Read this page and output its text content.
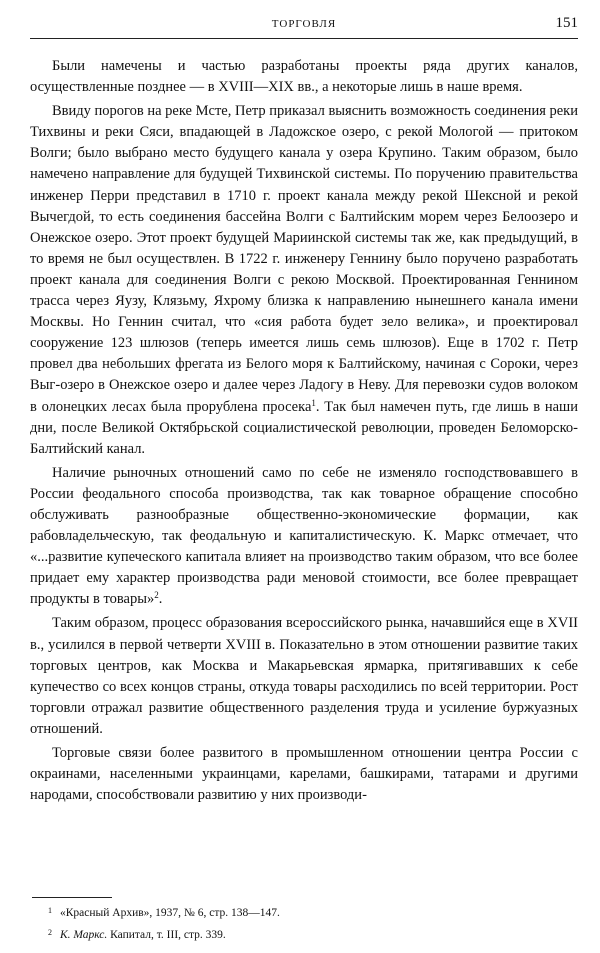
ТОРГОВЛЯ	151

Были намечены и частью разработаны проекты ряда других каналов, осуществленные позднее — в XVIII—XIX вв., а некоторые лишь в наше время.

Ввиду порогов на реке Мсте, Петр приказал выяснить возможность соединения реки Тихвины и реки Сяси, впадающей в Ладожское озеро, с рекой Мологой — притоком Волги; было выбрано место будущего канала у озера Крупино. Таким образом, было намечено направление для будущей Тихвинской системы. По поручению правительства инженер Перри представил в 1710 г. проект канала между рекой Шексной и рекой Вычегдой, то есть соединения бассейна Волги с Балтийским морем через Белоозеро и Онежское озеро. Этот проект будущей Мариинской системы так же, как предыдущий, в то время не был осуществлен. В 1722 г. инженеру Геннину было поручено разработать проект канала для соединения Волги с рекою Москвой. Проектированная Геннином трасса через Яузу, Клязьму, Яхрому близка к направлению нынешнего канала имени Москвы. Но Геннин считал, что «сия работа будет зело велика», и проектировал сооружение 123 шлюзов (теперь имеется лишь семь шлюзов). Еще в 1702 г. Петр провел два небольших фрегата из Белого моря к Балтийскому, начиная с Сороки, через Выг-озеро в Онежское озеро и далее через Ладогу в Неву. Для перевозки судов волоком в олонецких лесах была прорублена просека$^1$. Так был намечен путь, где лишь в наши дни, после Великой Октябрьской социалистической революции, проведен Беломорско-Балтийский канал.

Наличие рыночных отношений само по себе не изменяло господствовавшего в России феодального способа производства, так как товарное обращение способно обслуживать разнообразные общественно-экономические формации, как рабовладельческую, так феодальную и капиталистическую. К. Маркс отмечает, что «...развитие купеческого капитала влияет на производство таким образом, что все более придает ему характер производства ради меновой стоимости, все более превращает продукты в товары»$^2$.

Таким образом, процесс образования всероссийского рынка, начавшийся еще в XVII в., усилился в первой четверти XVIII в. Показательно в этом отношении развитие таких торговых центров, как Москва и Макарьевская ярмарка, притягивавших к себе купечество со всех концов страны, откуда товары расходились по всей территории. Рост торговли отражал развитие общественного разделения труда и усиление буржуазных отношений.

Торговые связи более развитого в промышленном отношении центра России с окраинами, населенными украинцами, карелами, башкирами, татарами и другими народами, способствовали развитию у них производи-

$^1$ «Красный Архив», 1937, № 6, стр. 138—147.

$^2$ К. Маркс. Капитал, т. III, стр. 339.
